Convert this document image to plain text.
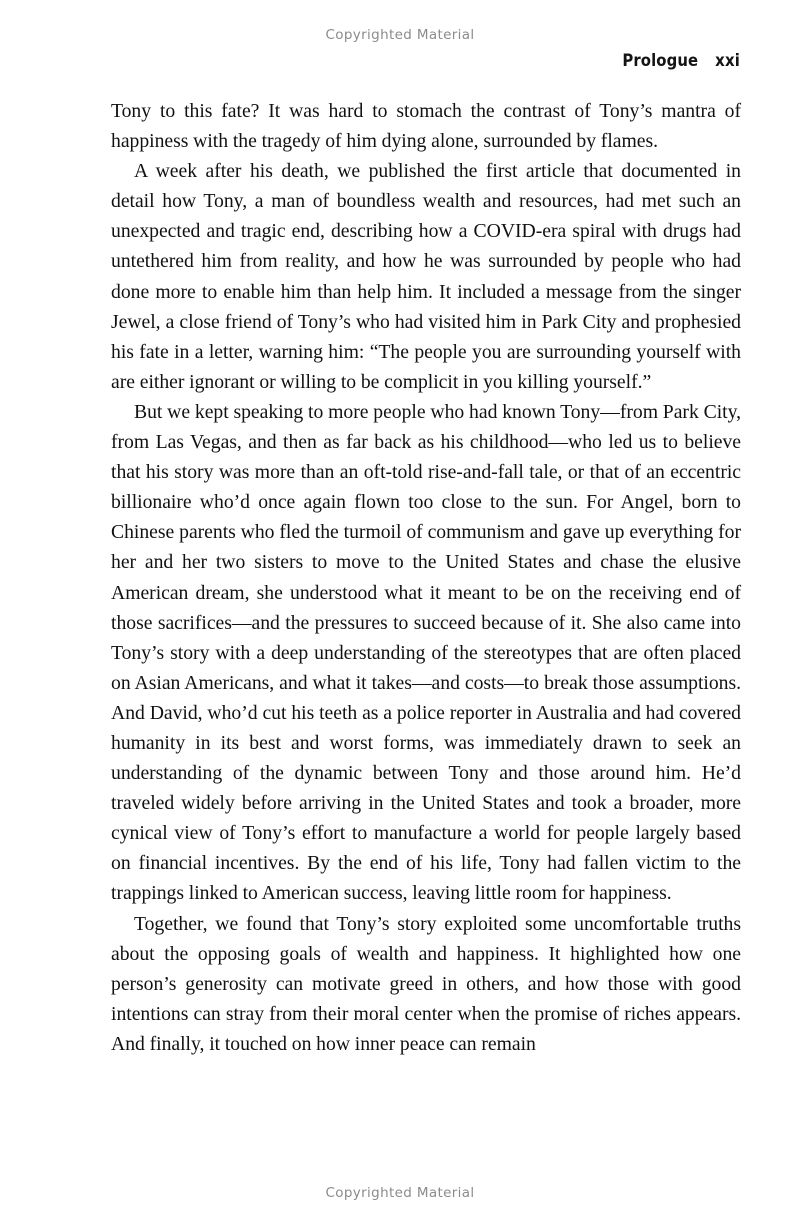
Copyrighted Material
Prologue xxi

Tony to this fate? It was hard to stomach the contrast of Tony’s mantra of happiness with the tragedy of him dying alone, surrounded by flames.

A week after his death, we published the first article that documented in detail how Tony, a man of boundless wealth and resources, had met such an unexpected and tragic end, describing how a COVID-era spiral with drugs had untethered him from reality, and how he was surrounded by people who had done more to enable him than help him. It included a message from the singer Jewel, a close friend of Tony’s who had visited him in Park City and prophesied his fate in a letter, warning him: “The people you are surrounding yourself with are either ignorant or willing to be complicit in you killing yourself.”

But we kept speaking to more people who had known Tony—from Park City, from Las Vegas, and then as far back as his childhood—who led us to believe that his story was more than an oft-told rise-and-fall tale, or that of an eccentric billionaire who’d once again flown too close to the sun. For Angel, born to Chinese parents who fled the turmoil of communism and gave up everything for her and her two sisters to move to the United States and chase the elusive American dream, she understood what it meant to be on the receiving end of those sacrifices—and the pressures to succeed because of it. She also came into Tony’s story with a deep understanding of the stereotypes that are often placed on Asian Americans, and what it takes—and costs—to break those assumptions. And David, who’d cut his teeth as a police reporter in Australia and had covered humanity in its best and worst forms, was immediately drawn to seek an understanding of the dynamic between Tony and those around him. He’d traveled widely before arriving in the United States and took a broader, more cynical view of Tony’s effort to manufacture a world for people largely based on financial incentives. By the end of his life, Tony had fallen victim to the trappings linked to American success, leaving little room for happiness.

Together, we found that Tony’s story exploited some uncomfortable truths about the opposing goals of wealth and happiness. It highlighted how one person’s generosity can motivate greed in others, and how those with good intentions can stray from their moral center when the promise of riches appears. And finally, it touched on how inner peace can remain

Copyrighted Material
